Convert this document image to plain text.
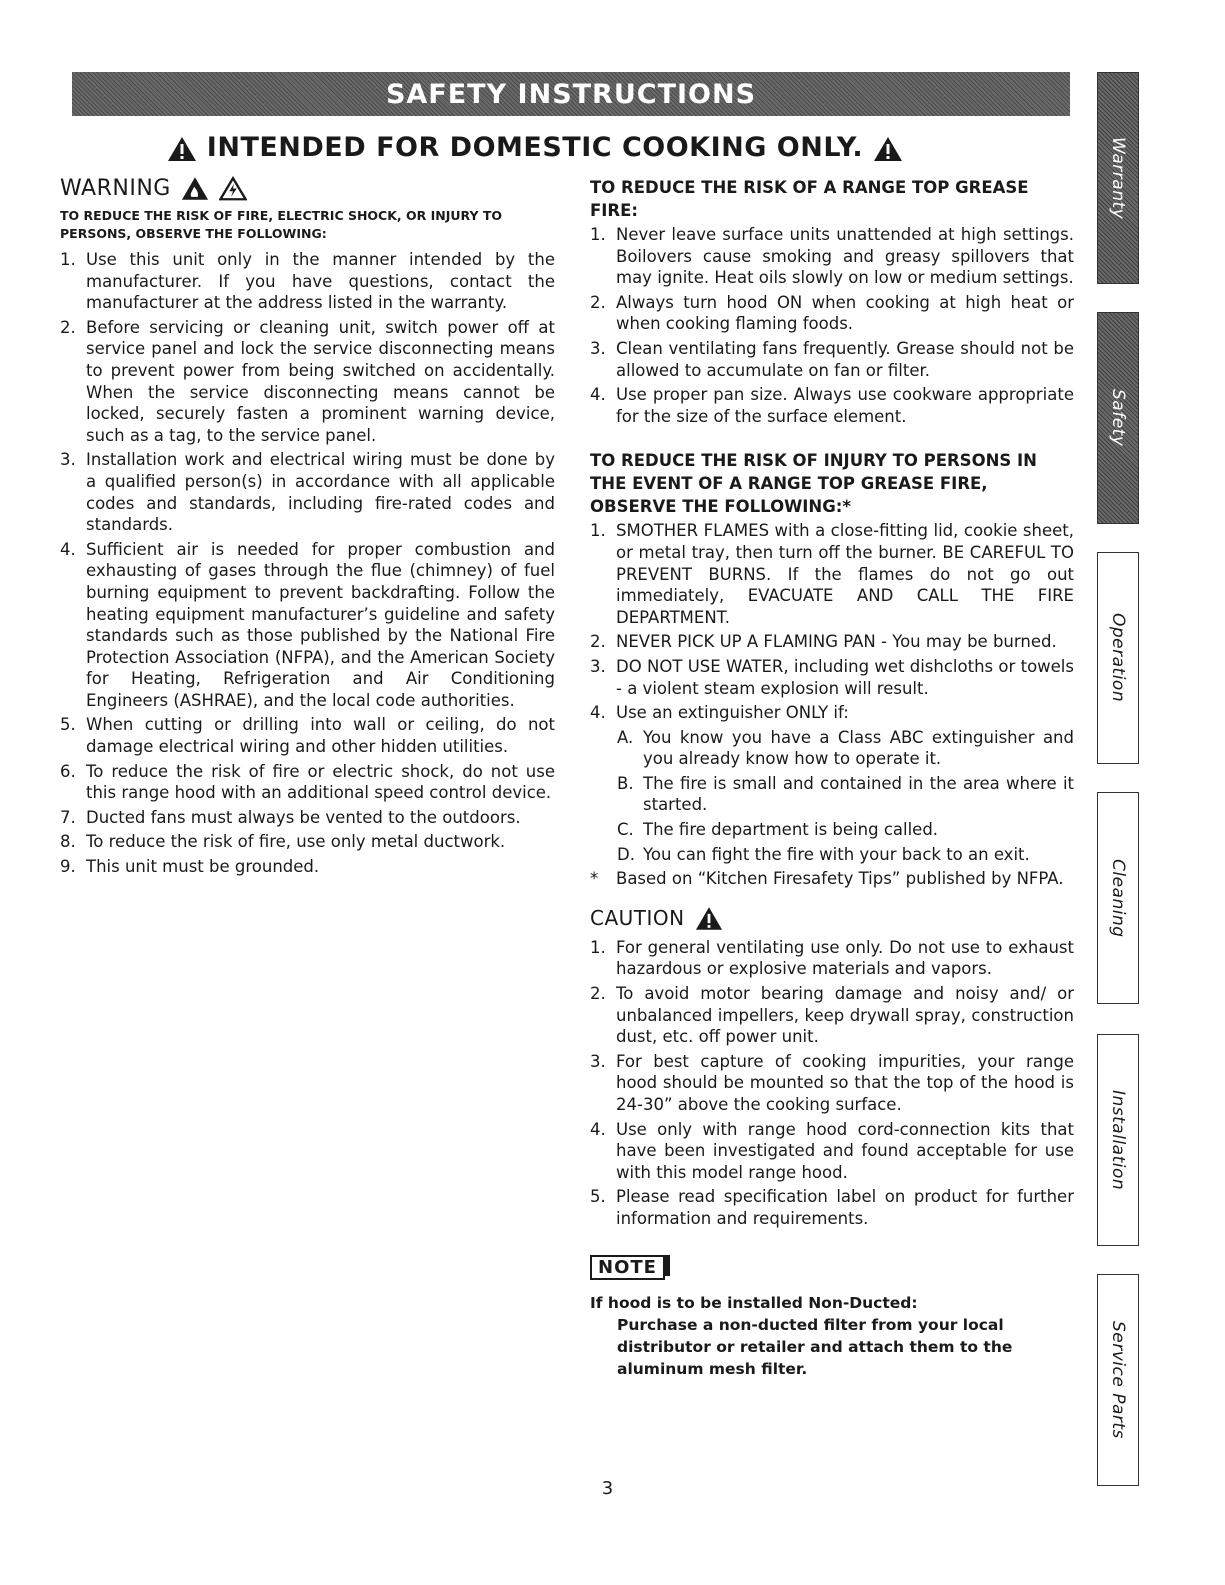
SAFETY INSTRUCTIONS
INTENDED FOR DOMESTIC COOKING ONLY.
WARNING
TO REDUCE THE RISK OF FIRE, ELECTRIC SHOCK, OR INJURY TO PERSONS, OBSERVE THE FOLLOWING:
1. Use this unit only in the manner intended by the manufacturer. If you have questions, contact the manufacturer at the address listed in the warranty.
2. Before servicing or cleaning unit, switch power off at service panel and lock the service disconnecting means to prevent power from being switched on accidentally. When the service disconnecting means cannot be locked, securely fasten a prominent warning device, such as a tag, to the service panel.
3. Installation work and electrical wiring must be done by a qualified person(s) in accordance with all applicable codes and standards, including fire-rated codes and standards.
4. Sufficient air is needed for proper combustion and exhausting of gases through the flue (chimney) of fuel burning equipment to prevent backdrafting. Follow the heating equipment manufacturer’s guideline and safety standards such as those published by the National Fire Protection Association (NFPA), and the American Society for Heating, Refrigeration and Air Conditioning Engineers (ASHRAE), and the local code authorities.
5. When cutting or drilling into wall or ceiling, do not damage electrical wiring and other hidden utilities.
6. To reduce the risk of fire or electric shock, do not use this range hood with an additional speed control device.
7. Ducted fans must always be vented to the outdoors.
8. To reduce the risk of fire, use only metal ductwork.
9. This unit must be grounded.
TO REDUCE THE RISK OF A RANGE TOP GREASE FIRE:
1. Never leave surface units unattended at high settings. Boilovers cause smoking and greasy spillovers that may ignite. Heat oils slowly on low or medium settings.
2. Always turn hood ON when cooking at high heat or when cooking flaming foods.
3. Clean ventilating fans frequently. Grease should not be allowed to accumulate on fan or filter.
4. Use proper pan size. Always use cookware appropriate for the size of the surface element.
TO REDUCE THE RISK OF INJURY TO PERSONS IN THE EVENT OF A RANGE TOP GREASE FIRE, OBSERVE THE FOLLOWING:*
1. SMOTHER FLAMES with a close-fitting lid, cookie sheet, or metal tray, then turn off the burner. BE CAREFUL TO PREVENT BURNS. If the flames do not go out immediately, EVACUATE AND CALL THE FIRE DEPARTMENT.
2. NEVER PICK UP A FLAMING PAN - You may be burned.
3. DO NOT USE WATER, including wet dishcloths or towels - a violent steam explosion will result.
4. Use an extinguisher ONLY if:
A. You know you have a Class ABC extinguisher and you already know how to operate it.
B. The fire is small and contained in the area where it started.
C. The fire department is being called.
D. You can fight the fire with your back to an exit.
*	Based on “Kitchen Firesafety Tips” published by NFPA.
CAUTION
1. For general ventilating use only. Do not use to exhaust hazardous or explosive materials and vapors.
2. To avoid motor bearing damage and noisy and/ or unbalanced impellers, keep drywall spray, construction dust, etc. off power unit.
3. For best capture of cooking impurities, your range hood should be mounted so that the top of the hood is 24-30” above the cooking surface.
4. Use only with range hood cord-connection kits that have been investigated and found acceptable for use with this model range hood.
5. Please read specification label on product for further information and requirements.
NOTE
If hood is to be installed Non-Ducted:
Purchase a non-ducted filter from your local distributor or retailer and attach them to the aluminum mesh filter.
3
Warranty
Safety
Operation
Cleaning
Installation
Service Parts
